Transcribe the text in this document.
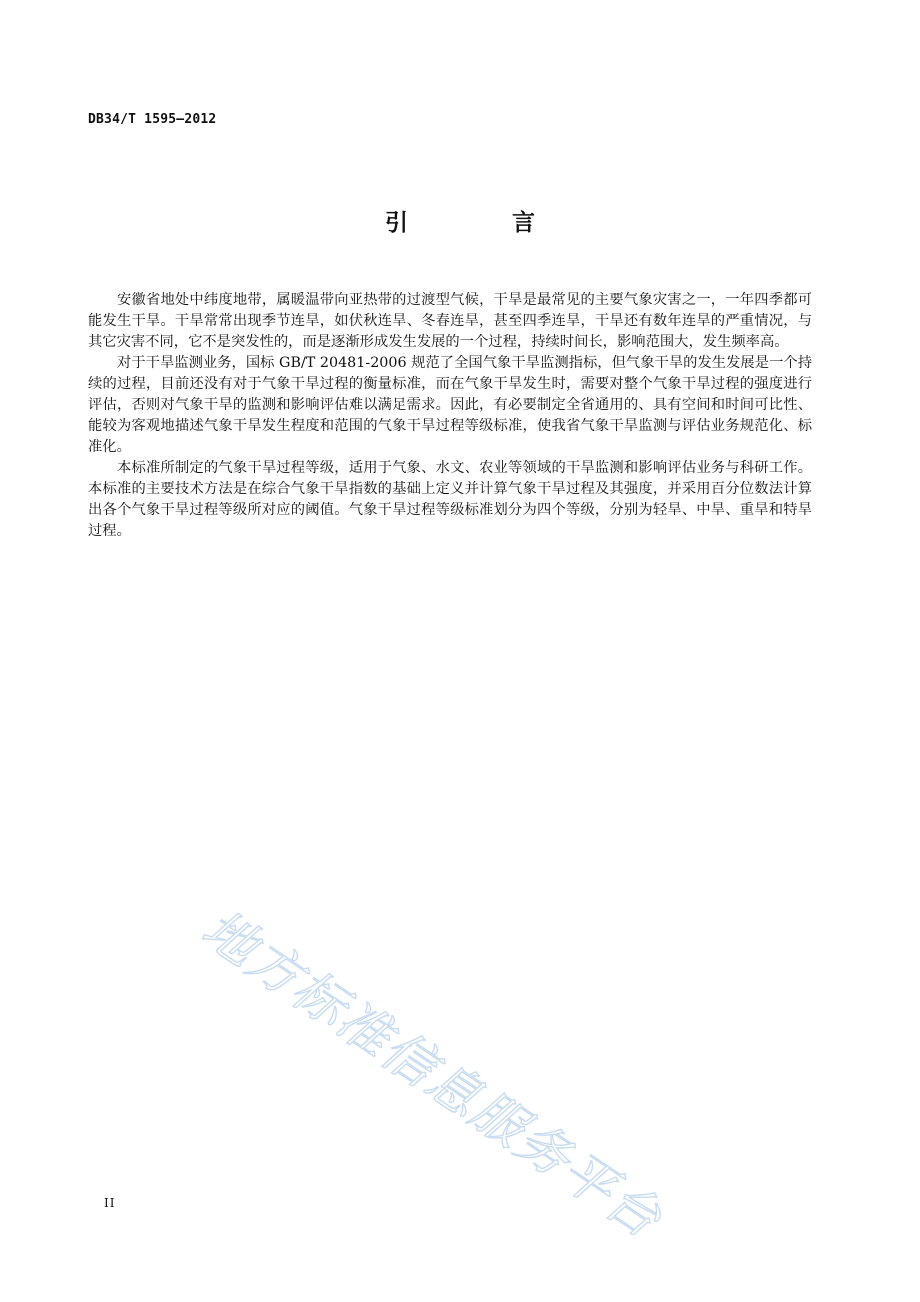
DB34/T 1595—2012
引 言

安徽省地处中纬度地带，属暖温带向亚热带的过渡型气候，干旱是最常见的主要气象灾害之一，一年四季都可能发生干旱。干旱常常出现季节连旱，如伏秋连旱、冬春连旱，甚至四季连旱，干旱还有数年连旱的严重情况，与其它灾害不同，它不是突发性的，而是逐渐形成发生发展的一个过程，持续时间长，影响范围大，发生频率高。

对于干旱监测业务，国标 GB/T 20481-2006 规范了全国气象干旱监测指标，但气象干旱的发生发展是一个持续的过程，目前还没有对于气象干旱过程的衡量标准，而在气象干旱发生时，需要对整个气象干旱过程的强度进行评估，否则对气象干旱的监测和影响评估难以满足需求。因此，有必要制定全省通用的、具有空间和时间可比性、能较为客观地描述气象干旱发生程度和范围的气象干旱过程等级标准，使我省气象干旱监测与评估业务规范化、标准化。

本标准所制定的气象干旱过程等级，适用于气象、水文、农业等领域的干旱监测和影响评估业务与科研工作。本标准的主要技术方法是在综合气象干旱指数的基础上定义并计算气象干旱过程及其强度，并采用百分位数法计算出各个气象干旱过程等级所对应的阈值。气象干旱过程等级标准划分为四个等级，分别为轻旱、中旱、重旱和特旱过程。

地方标准信息服务平台
II
